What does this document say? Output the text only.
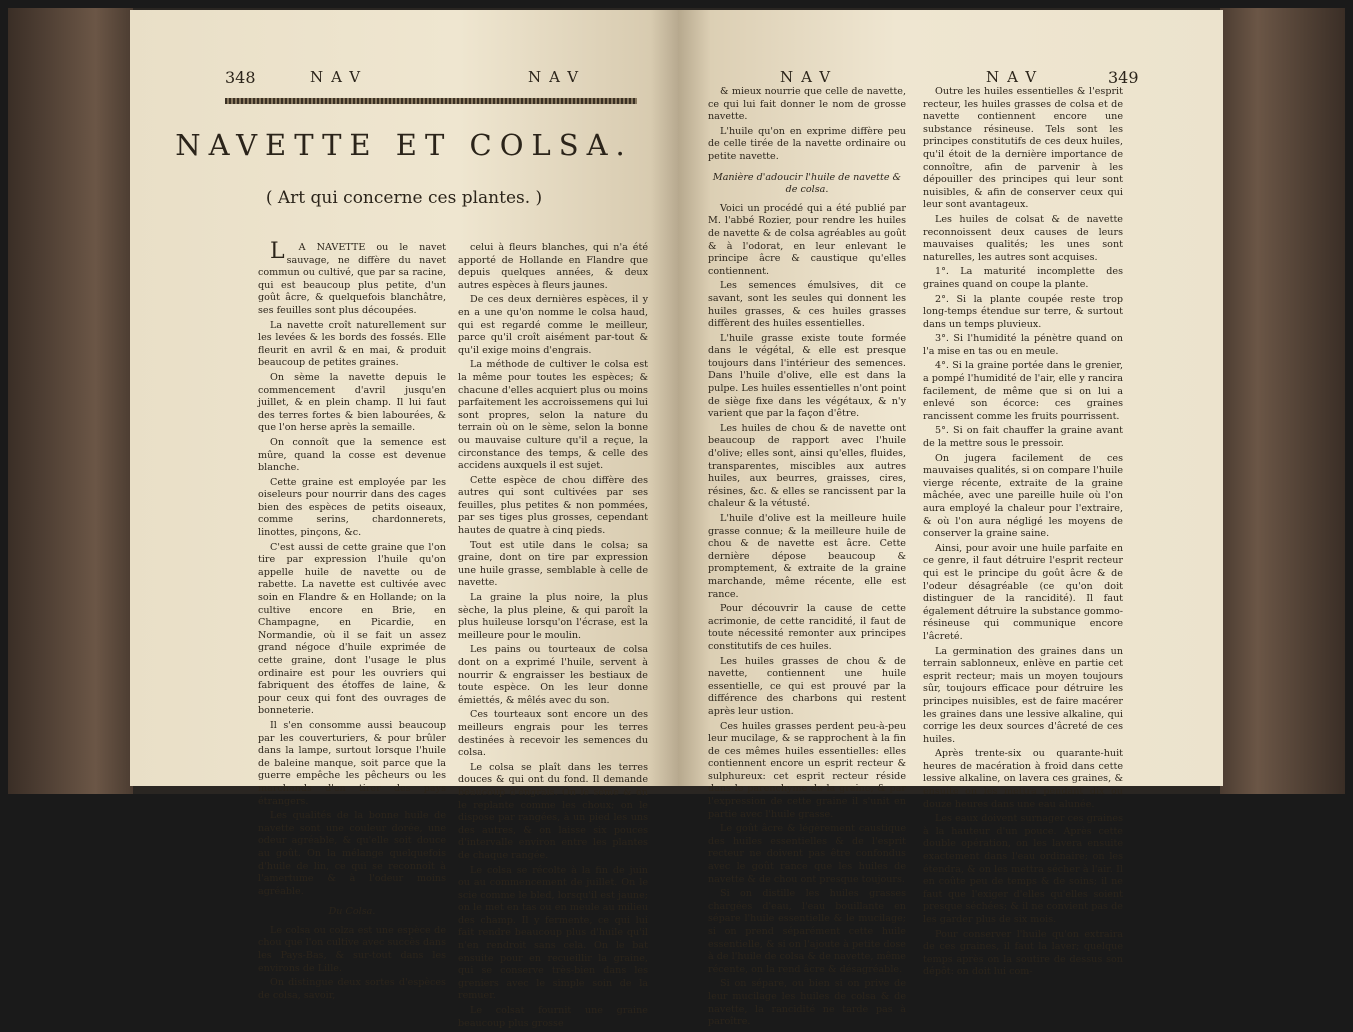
348	NAV	NAV
NAVETTE ET COLSA.
( Art qui concerne ces plantes. )

LA NAVETTE ou le navet sauvage, ne diffère du navet commun ou cultivé, que par sa racine, qui est beaucoup plus petite, d'un goût âcre, & quelquefois blanchâtre, ses feuilles sont plus découpées.

La navette croît naturellement sur les levées & les bords des fossés. Elle fleurit en avril & en mai, & produit beaucoup de petites graines.

On sème la navette depuis le commencement d'avril jusqu'en juillet, & en plein champ. Il lui faut des terres fortes & bien labourées, & que l'on herse après la semaille.

On connoît que la semence est mûre, quand la cosse est devenue blanche.

Cette graine est employée par les oiseleurs pour nourrir dans des cages bien des espèces de petits oiseaux, comme serins, chardonnerets, linottes, pinçons, &c.

C'est aussi de cette graine que l'on tire par expression l'huile qu'on appelle huile de navette ou de rabette. La navette est cultivée avec soin en Flandre & en Hollande; on la cultive encore en Brie, en Champagne, en Picardie, en Normandie, où il se fait un assez grand négoce d'huile exprimée de cette graine, dont l'usage le plus ordinaire est pour les ouvriers qui fabriquent des étoffes de laine, & pour ceux qui font des ouvrages de bonneterie.

Il s'en consomme aussi beaucoup par les couverturiers, & pour brûler dans la lampe, surtout lorsque l'huile de baleine manque, soit parce que la guerre empêche les pêcheurs ou les marchands d'en tirer des pays étrangers.

Les qualités de la bonne huile de navette sont une couleur dorée, une odeur agréable, & qu'elle soit douce au goût. On la mélange quelquefois d'huile de lin, ce qui se reconnoît à l'amertume & à l'odeur moins agréable.

Du Colsa.

Le colsa ou colza est une espèce de chou que l'on cultive avec succès dans les Pays-Bas, & sur-tout dans les environs de Lille.

On distingue deux sortes d'espèces de colsa, savoir,

celui à fleurs blanches, qui n'a été apporté de Hollande en Flandre que depuis quelques années, & deux autres espèces à fleurs jaunes.

De ces deux dernières espèces, il y en a une qu'on nomme le colsa haud, qui est regardé comme le meilleur, parce qu'il croît aisément par-tout & qu'il exige moins d'engrais.

La méthode de cultiver le colsa est la même pour toutes les espèces; & chacune d'elles acquiert plus ou moins parfaitement les accroissemens qui lui sont propres, selon la nature du terrain où on le sème, selon la bonne ou mauvaise culture qu'il a reçue, la circonstance des temps, & celle des accidens auxquels il est sujet.

Cette espèce de chou diffère des autres qui sont cultivées par ses feuilles, plus petites & non pommées, par ses tiges plus grosses, cependant hautes de quatre à cinq pieds.

Tout est utile dans le colsa; sa graine, dont on tire par expression une huile grasse, semblable à celle de navette.

La graine la plus noire, la plus sèche, la plus pleine, & qui paroît la plus huileuse lorsqu'on l'écrase, est la meilleure pour le moulin.

Les pains ou tourteaux de colsa dont on a exprimé l'huile, servent à nourrir & engraisser les bestiaux de toute espèce. On les leur donne émiettés, & mêlés avec du son.

Ces tourteaux sont encore un des meilleurs engrais pour les terres destinées à recevoir les semences du colsa.

Le colsa se plaît dans les terres douces & qui ont du fond. Il demande beaucoup d'engrais. On le sème & on le replante comme les choux; on le dispose par rangées, à un pied les uns des autres, & on laisse six pouces d'intervalle environ entre les plantes de chaque rangée.

Le colsa se récolte à la fin de juin ou au commencement de juillet. On le scie comme le bled, lorsqu'il est jaune; on le met en tas ou en meule au milieu des champ. Il y fermente, ce qui lui fait rendre beaucoup plus d'huile qu'il n'en rendroit sans cela. On le bat ensuite pour en recueillir la graine, qui se conserve très-bien dans les greniers avec le simple soin de la remuer.

Le colsat fournit une graine beaucoup plus grosse

NAV	NAV	349

& mieux nourrie que celle de navette, ce qui lui fait donner le nom de grosse navette.

L'huile qu'on en exprime diffère peu de celle tirée de la navette ordinaire ou petite navette.

Manière d'adoucir l'huile de navette & de colsa.

Voici un procédé qui a été publié par M. l'abbé Rozier, pour rendre les huiles de navette & de colsa agréables au goût & à l'odorat, en leur enlevant le principe âcre & caustique qu'elles contiennent.

Les semences émulsives, dit ce savant, sont les seules qui donnent les huiles grasses, & ces huiles grasses diffèrent des huiles essentielles.

L'huile grasse existe toute formée dans le végétal, & elle est presque toujours dans l'intérieur des semences. Dans l'huile d'olive, elle est dans la pulpe. Les huiles essentielles n'ont point de siège fixe dans les végétaux, & n'y varient que par la façon d'être.

Les huiles de chou & de navette ont beaucoup de rapport avec l'huile d'olive; elles sont, ainsi qu'elles, fluides, transparentes, miscibles aux autres huiles, aux beurres, graisses, cires, résines, &c. & elles se rancissent par la chaleur & la vétusté.

L'huile d'olive est la meilleure huile grasse connue; & la meilleure huile de chou & de navette est âcre. Cette dernière dépose beaucoup & promptement, & extraite de la graine marchande, même récente, elle est rance.

Pour découvrir la cause de cette acrimonie, de cette rancidité, il faut de toute nécessité remonter aux principes constitutifs de ces huiles.

Les huiles grasses de chou & de navette, contiennent une huile essentielle, ce qui est prouvé par la différence des charbons qui restent après leur ustion.

Ces huiles grasses perdent peu-à-peu leur mucilage, & se rapprochent à la fin de ces mêmes huiles essentielles: elles contiennent encore un esprit recteur & sulphureux: cet esprit recteur réside dans le parenchyme de la graine, & par l'expression de cette graine il s'unit en partie avec l'huile grasse.

Le goût âcre & légèrement caustique des huiles essentielles & de l'esprit recteur ne doivent pas être confondus avec le goût rance que les huiles de navette & de chou ont presque toujours.

Si on distille les huiles grasses chargées d'eau, l'eau bouillante en sépare l'huile essentielle & le mucilage; si on prend séparément cette huile essentielle, & si on l'ajoute à petite dose à de l'huile de colsa & de navette, même récente, on la rend âcre & désagréable.

Si on sépare, ou bien si on prive de leur mucilage les huiles de colsa & de navette, la rancidité ne tarde pas à paroître.

Outre les huiles essentielles & l'esprit recteur, les huiles grasses de colsa et de navette contiennent encore une substance résineuse. Tels sont les principes constitutifs de ces deux huiles, qu'il étoit de la dernière importance de connoître, afin de parvenir à les dépouiller des principes qui leur sont nuisibles, & afin de conserver ceux qui leur sont avantageux.

Les huiles de colsat & de navette reconnoissent deux causes de leurs mauvaises qualités; les unes sont naturelles, les autres sont acquises.

1°. La maturité incomplette des graines quand on coupe la plante.

2°. Si la plante coupée reste trop long-temps étendue sur terre, & surtout dans un temps pluvieux.

3°. Si l'humidité la pénètre quand on l'a mise en tas ou en meule.

4°. Si la graine portée dans le grenier, a pompé l'humidité de l'air, elle y rancira facilement, de même que si on lui a enlevé son écorce: ces graines rancissent comme les fruits pourrissent.

5°. Si on fait chauffer la graine avant de la mettre sous le pressoir.

On jugera facilement de ces mauvaises qualités, si on compare l'huile vierge récente, extraite de la graine mâchée, avec une pareille huile où l'on aura employé la chaleur pour l'extraire, & où l'on aura négligé les moyens de conserver la graine saine.

Ainsi, pour avoir une huile parfaite en ce genre, il faut détruire l'esprit recteur qui est le principe du goût âcre & de l'odeur désagréable (ce qu'on doit distinguer de la rancidité). Il faut également détruire la substance gommo-résineuse qui communique encore l'âcreté.

La germination des graines dans un terrain sablonneux, enlève en partie cet esprit recteur; mais un moyen toujours sûr, toujours efficace pour détruire les principes nuisibles, est de faire macérer les graines dans une lessive alkaline, qui corrige les deux sources d'âcreté de ces huiles.

Après trente-six ou quarante-huit heures de macération à froid dans cette lessive alkaline, on lavera ces graines, & ensuite on les mettra pendant dix ou douze heures dans une eau alunée.

Les eaux doivent surnager ces graines à la hauteur d'un pouce. Après cette double opération, on les lavera ensuite exactement dans l'eau ordinaire; on les étendra, & on les mettra sécher à l'air. Il en coûte peu de temps & de soins; il ne faut que l'exiger d'elles qu'elles soient presque séchées; & il ne convient pas de les garder plus de six mois.

Pour conserver l'huile qu'on extraira de ces graines, il faut la laver; quelque temps après on la soutire de dessus son dépôt: on doit lui com-
